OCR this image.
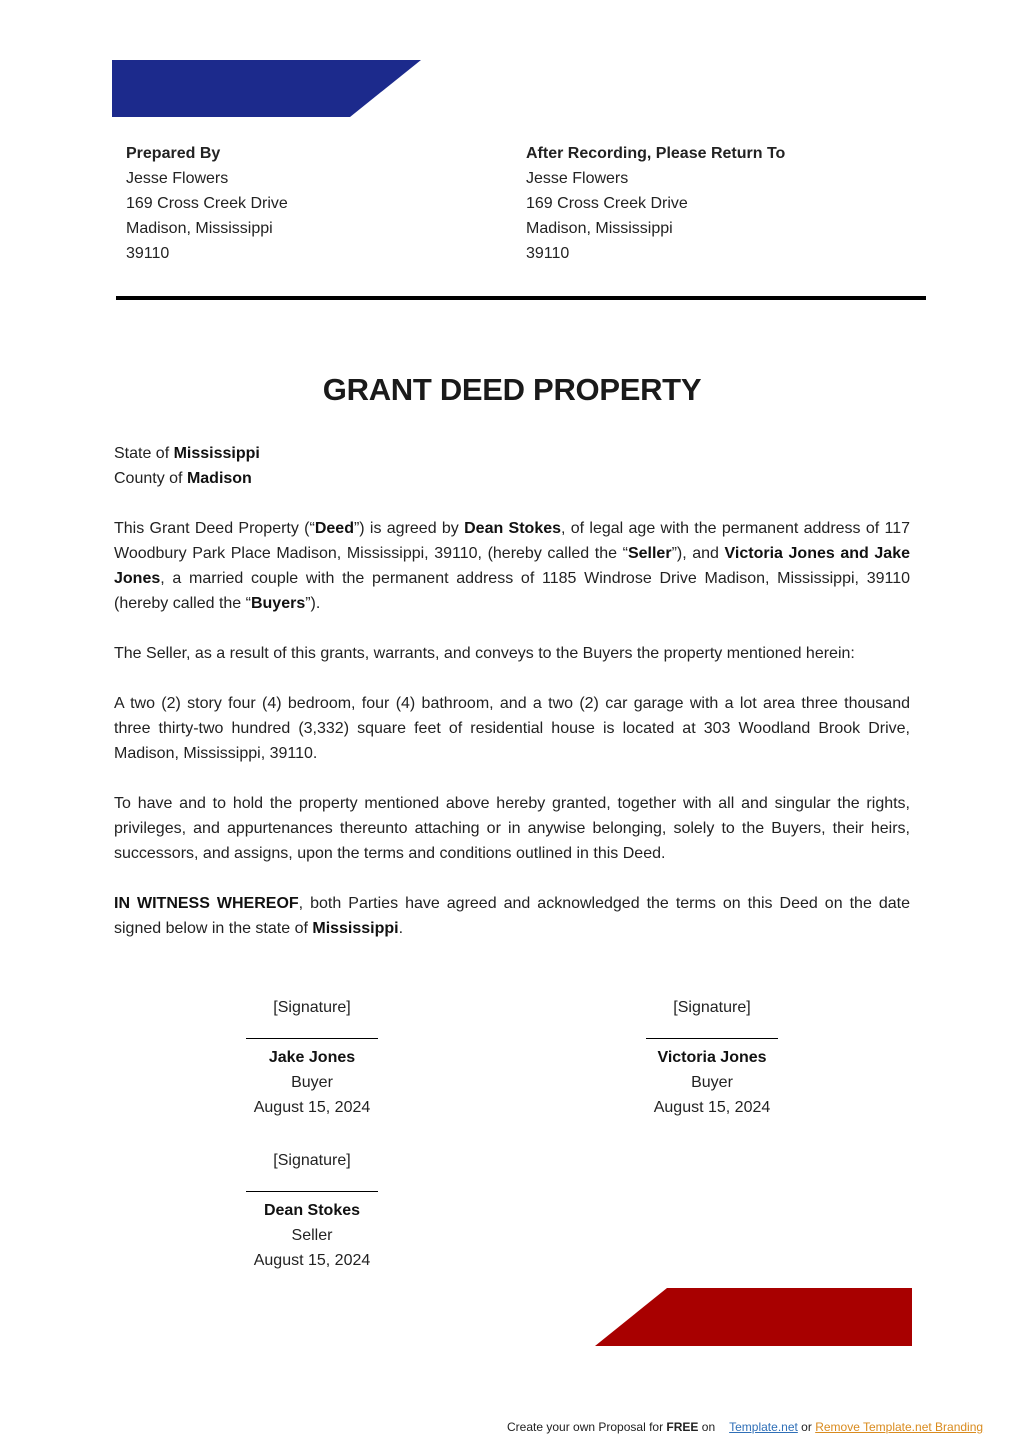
Prepared By
Jesse Flowers
169 Cross Creek Drive
Madison, Mississippi
39110
After Recording, Please Return To
Jesse Flowers
169 Cross Creek Drive
Madison, Mississippi
39110
GRANT DEED PROPERTY

State of Mississippi

County of Madison

This Grant Deed Property (“Deed”) is agreed by Dean Stokes, of legal age with the permanent address of 117 Woodbury Park Place Madison, Mississippi, 39110, (hereby called the “Seller”), and Victoria Jones and Jake Jones, a married couple with the permanent address of 1185 Windrose Drive Madison, Mississippi, 39110 (hereby called the “Buyers”).

The Seller, as a result of this grants, warrants, and conveys to the Buyers the property mentioned herein:

A two (2) story four (4) bedroom, four (4) bathroom, and a two (2) car garage with a lot area three thousand three thirty-two hundred (3,332) square feet of residential house is located at 303 Woodland Brook Drive, Madison, Mississippi, 39110.

To have and to hold the property mentioned above hereby granted, together with all and singular the rights, privileges, and appurtenances thereunto attaching or in anywise belonging, solely to the Buyers, their heirs, successors, and assigns, upon the terms and conditions outlined in this Deed.

IN WITNESS WHEREOF, both Parties have agreed and acknowledged the terms on this Deed on the date signed below in the state of Mississippi.

[Signature]
Jake Jones
Buyer
August 15, 2024
[Signature]
Victoria Jones
Buyer
August 15, 2024
[Signature]
Dean Stokes
Seller
August 15, 2024
Create your own Proposal for FREE on Template.net or Remove Template.net Branding
